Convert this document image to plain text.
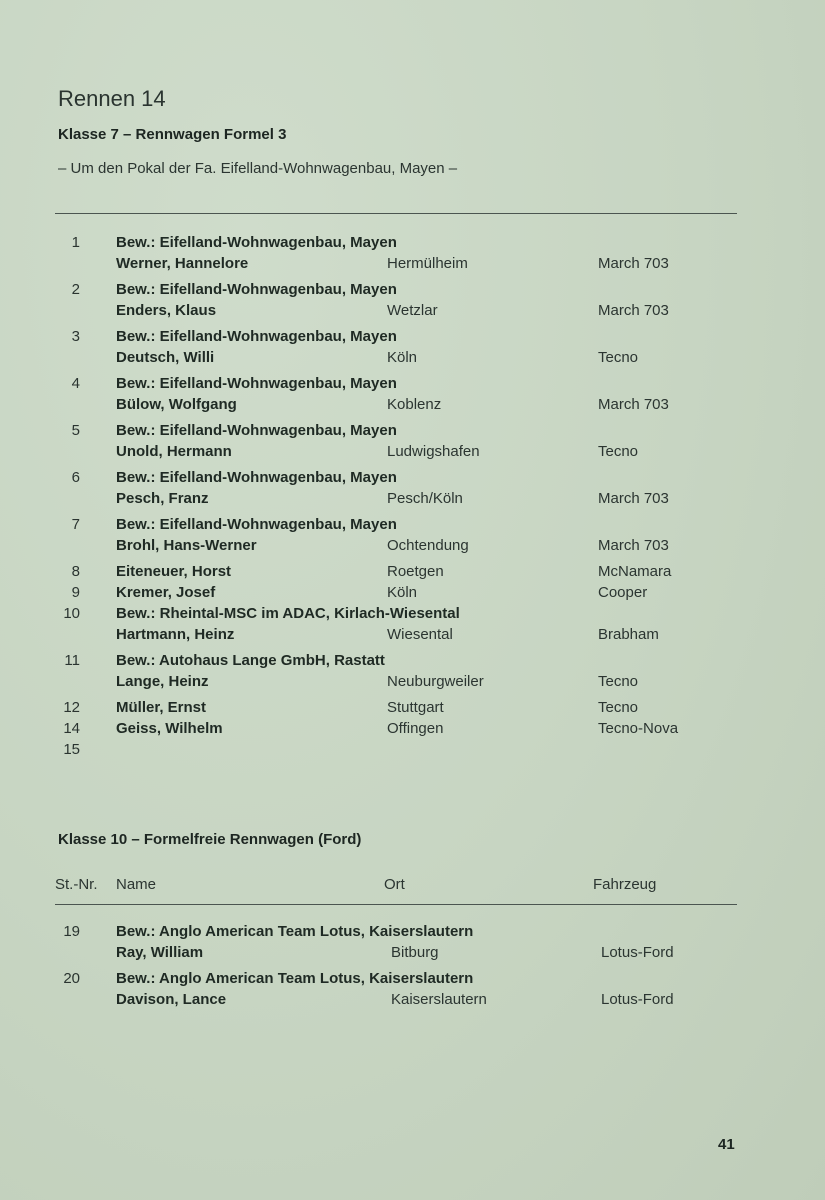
Rennen 14
Klasse 7 – Rennwagen Formel 3
– Um den Pokal der Fa. Eifelland-Wohnwagenbau, Mayen –
1 Bew.: Eifelland-Wohnwagenbau, Mayen
Werner, Hannelore	Hermülheim	March 703
2 Bew.: Eifelland-Wohnwagenbau, Mayen
Enders, Klaus	Wetzlar	March 703
3 Bew.: Eifelland-Wohnwagenbau, Mayen
Deutsch, Willi	Köln	Tecno
4 Bew.: Eifelland-Wohnwagenbau, Mayen
Bülow, Wolfgang	Koblenz	March 703
5 Bew.: Eifelland-Wohnwagenbau, Mayen
Unold, Hermann	Ludwigshafen	Tecno
6 Bew.: Eifelland-Wohnwagenbau, Mayen
Pesch, Franz	Pesch/Köln	March 703
7 Bew.: Eifelland-Wohnwagenbau, Mayen
Brohl, Hans-Werner	Ochtendung	March 703
8 Eiteneuer, Horst	Roetgen	McNamara
9 Kremer, Josef	Köln	Cooper
10 Bew.: Rheintal-MSC im ADAC, Kirlach-Wiesental
Hartmann, Heinz	Wiesental	Brabham
11 Bew.: Autohaus Lange GmbH, Rastatt
Lange, Heinz	Neuburgweiler	Tecno
12 Müller, Ernst	Stuttgart	Tecno
14 Geiss, Wilhelm	Offingen	Tecno-Nova
15
Klasse 10 – Formelfreie Rennwagen (Ford)
St.-Nr. Name	Ort	Fahrzeug
19 Bew.: Anglo American Team Lotus, Kaiserslautern
Ray, William	Bitburg	Lotus-Ford
20 Bew.: Anglo American Team Lotus, Kaiserslautern
Davison, Lance	Kaiserslautern	Lotus-Ford
41
